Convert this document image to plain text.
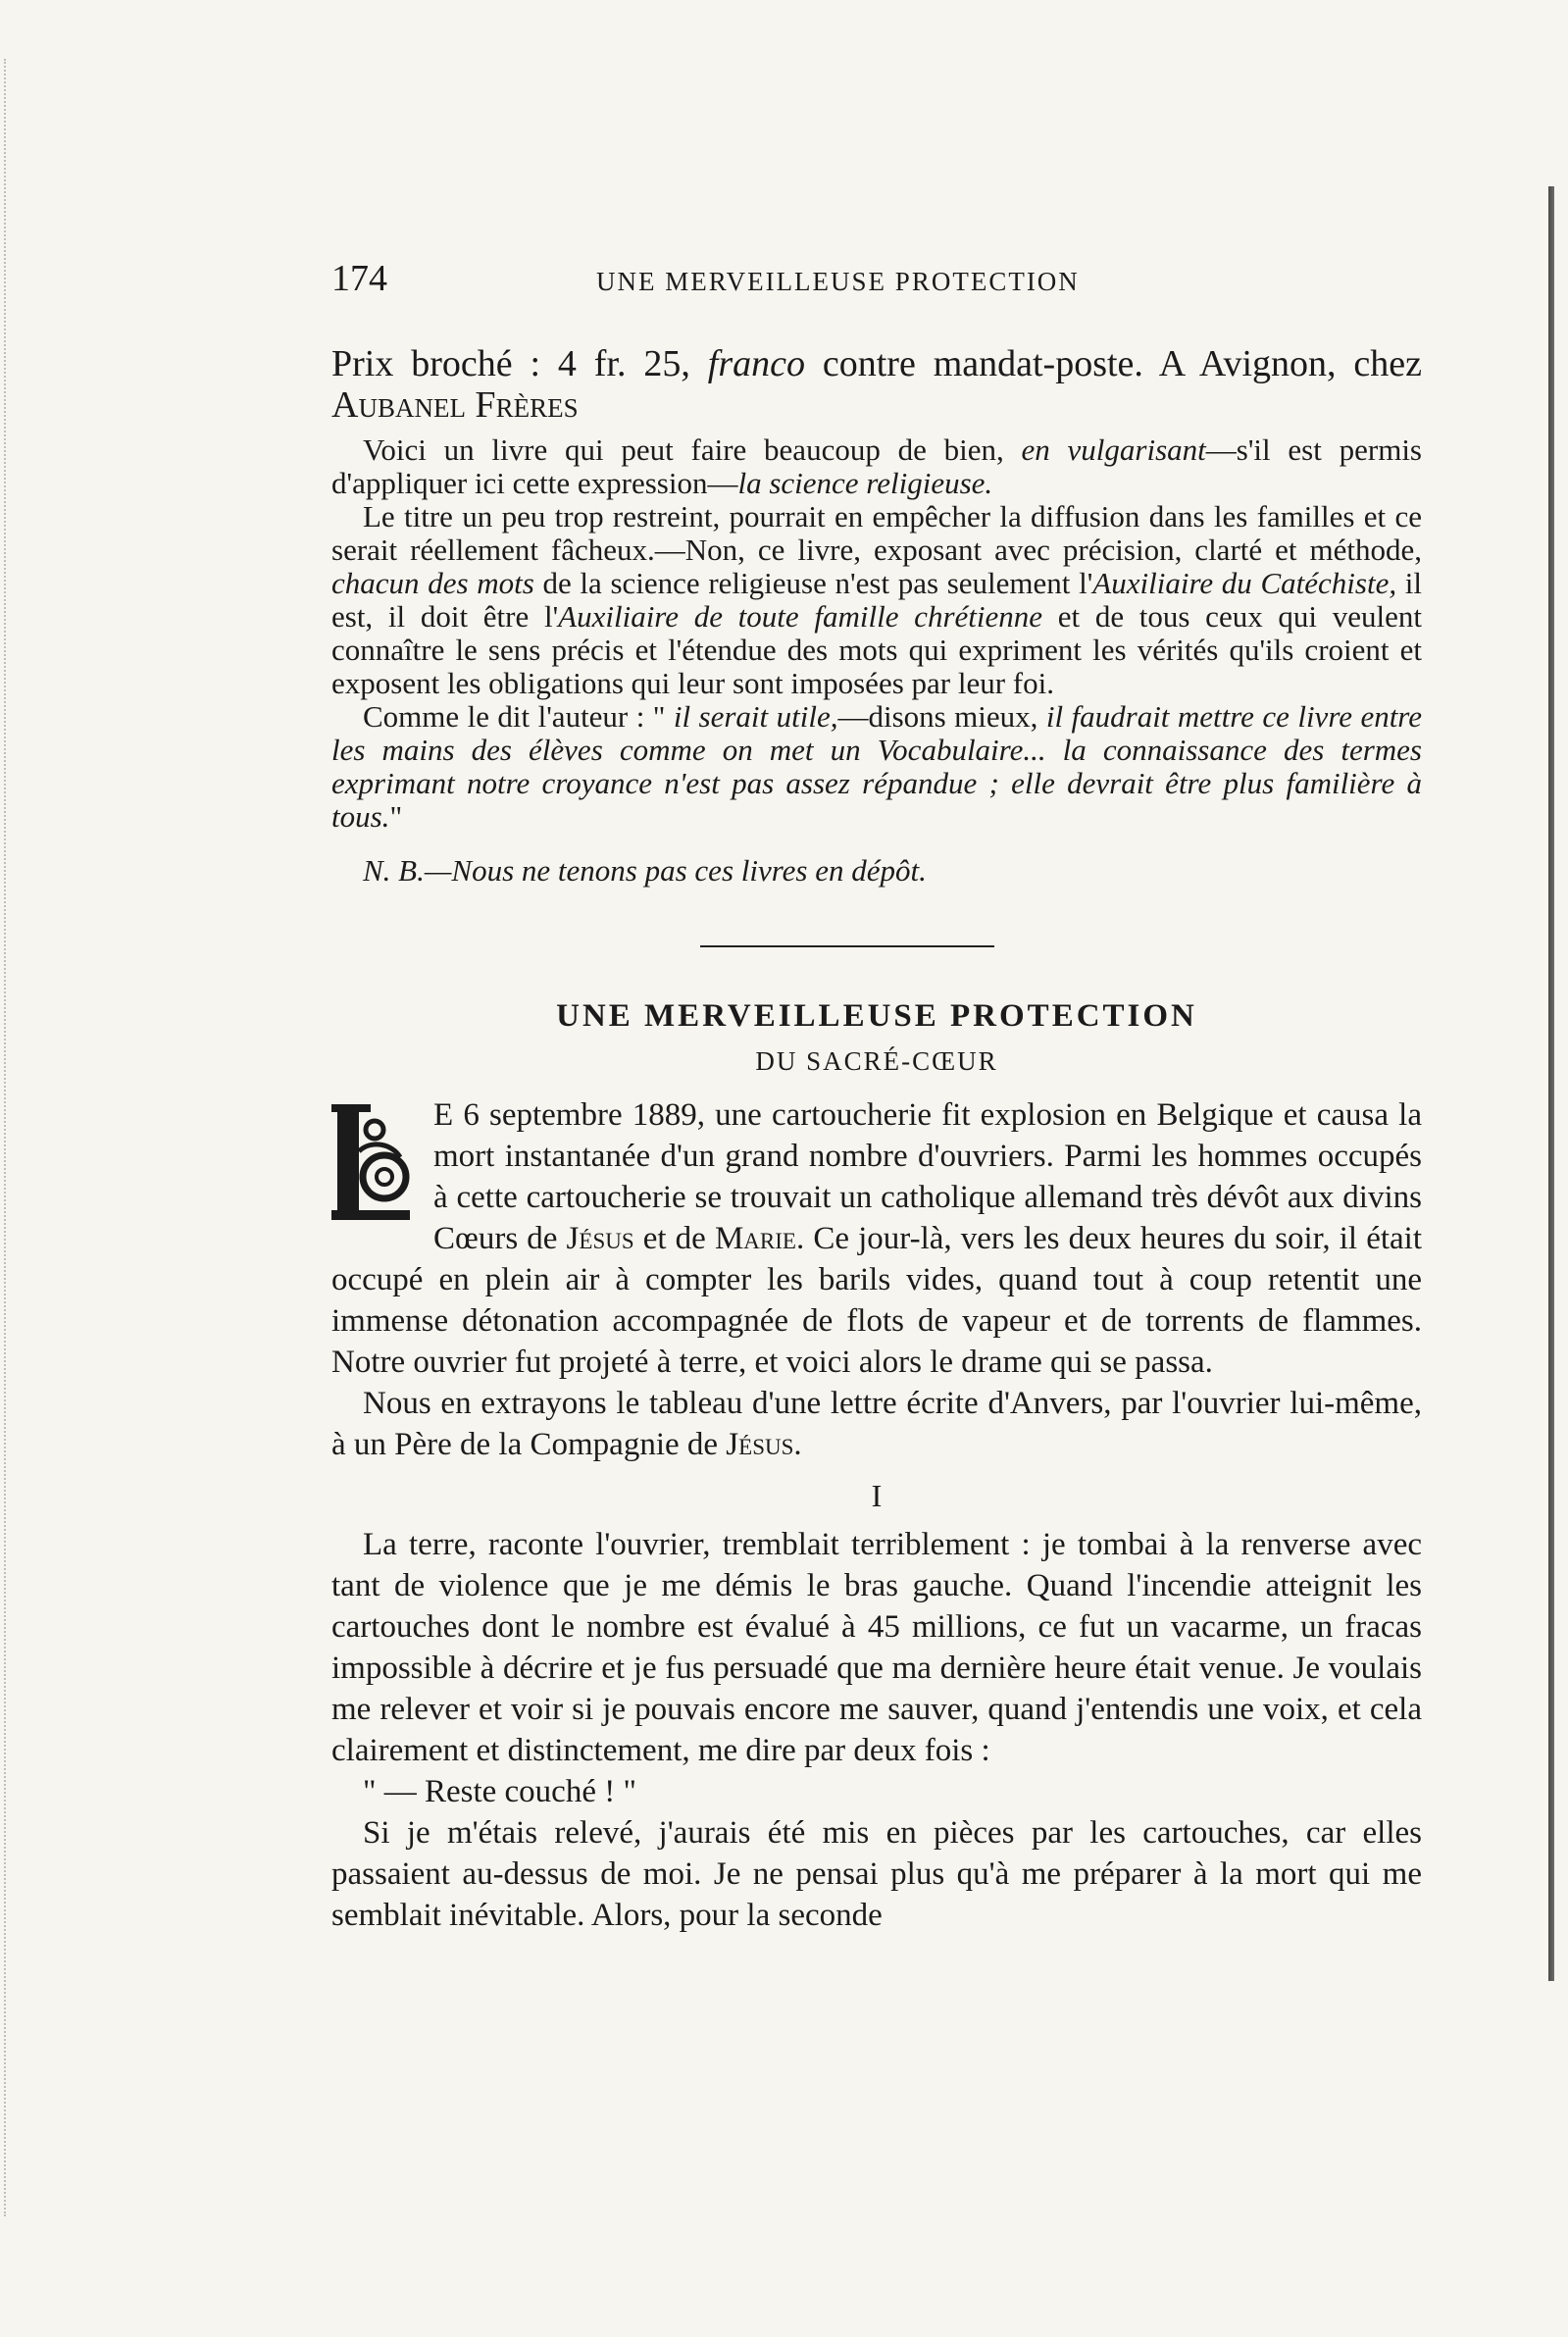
174	UNE MERVEILLEUSE PROTECTION
Prix broché : 4 fr. 25, franco contre mandat-poste. A Avignon, chez Aubanel Frères

Voici un livre qui peut faire beaucoup de bien, en vulgarisant—s'il est permis d'appliquer ici cette expression—la science religieuse.

Le titre un peu trop restreint, pourrait en empêcher la diffusion dans les familles et ce serait réellement fâcheux.—Non, ce livre, exposant avec précision, clarté et méthode, chacun des mots de la science religieuse n'est pas seulement l'Auxiliaire du Catéchiste, il est, il doit être l'Auxiliaire de toute famille chrétienne et de tous ceux qui veulent connaître le sens précis et l'étendue des mots qui expriment les vérités qu'ils croient et exposent les obligations qui leur sont imposées par leur foi.

Comme le dit l'auteur : " il serait utile,—disons mieux, il faudrait mettre ce livre entre les mains des élèves comme on met un Vocabulaire... la connaissance des termes exprimant notre croyance n'est pas assez répandue ; elle devrait être plus familière à tous."

N. B.—Nous ne tenons pas ces livres en dépôt.
UNE MERVEILLEUSE PROTECTION
DU SACRÉ-CŒUR

E 6 septembre 1889, une cartoucherie fit explosion en Belgique et causa la mort instantanée d'un grand nombre d'ouvriers. Parmi les hommes occupés à cette cartoucherie se trouvait un catholique allemand très dévôt aux divins Cœurs de Jésus et de Marie. Ce jour-là, vers les deux heures du soir, il était occupé en plein air à compter les barils vides, quand tout à coup retentit une immense détonation accompagnée de flots de vapeur et de torrents de flammes. Notre ouvrier fut projeté à terre, et voici alors le drame qui se passa.

Nous en extrayons le tableau d'une lettre écrite d'Anvers, par l'ouvrier lui-même, à un Père de la Compagnie de Jésus.

I

La terre, raconte l'ouvrier, tremblait terriblement : je tombai à la renverse avec tant de violence que je me démis le bras gauche. Quand l'incendie atteignit les cartouches dont le nombre est évalué à 45 millions, ce fut un vacarme, un fracas impossible à décrire et je fus persuadé que ma dernière heure était venue. Je voulais me relever et voir si je pouvais encore me sauver, quand j'entendis une voix, et cela clairement et distinctement, me dire par deux fois :

" — Reste couché ! "

Si je m'étais relevé, j'aurais été mis en pièces par les cartouches, car elles passaient au-dessus de moi. Je ne pensai plus qu'à me préparer à la mort qui me semblait inévitable. Alors, pour la seconde
